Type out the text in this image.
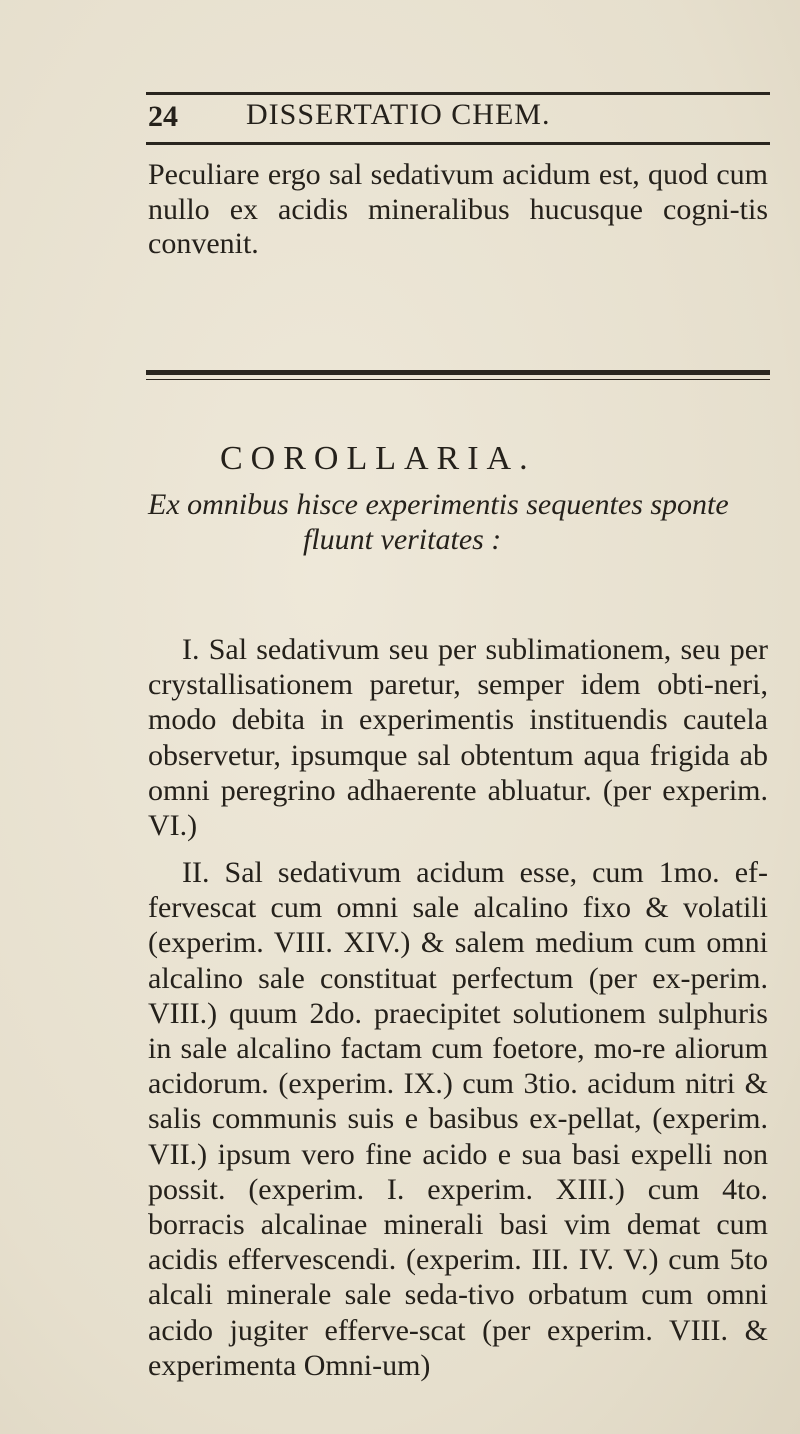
24 DISSERTATIO CHEM.
Peculiare ergo sal sedativum acidum est, quod cum nullo ex acidis mineralibus hucusque cogni-tis convenit.
COROLLARIA.
Ex omnibus hisce experimentis sequentes sponte
fluunt veritates :
I. Sal sedativum seu per sublimationem, seu per crystallisationem paretur, semper idem obti-neri, modo debita in experimentis instituendis cautela observetur, ipsumque sal obtentum aqua frigida ab omni peregrino adhaerente abluatur. (per experim. VI.)
II. Sal sedativum acidum esse, cum 1mo. ef-fervescat cum omni sale alcalino fixo & volatili (experim. VIII. XIV.) & salem medium cum omni alcalino sale constituat perfectum (per ex-perim. VIII.) quum 2do. praecipitet solutionem sulphuris in sale alcalino factam cum foetore, mo-re aliorum acidorum. (experim. IX.) cum 3tio. acidum nitri & salis communis suis e basibus ex-pellat, (experim. VII.) ipsum vero fine acido e sua basi expelli non possit. (experim. I. experim. XIII.) cum 4to. borracis alcalinae minerali basi vim demat cum acidis effervescendi. (experim. III. IV. V.) cum 5to alcali minerale sale seda-tivo orbatum cum omni acido jugiter efferve-scat (per experim. VIII. & experimenta Omni-um)
